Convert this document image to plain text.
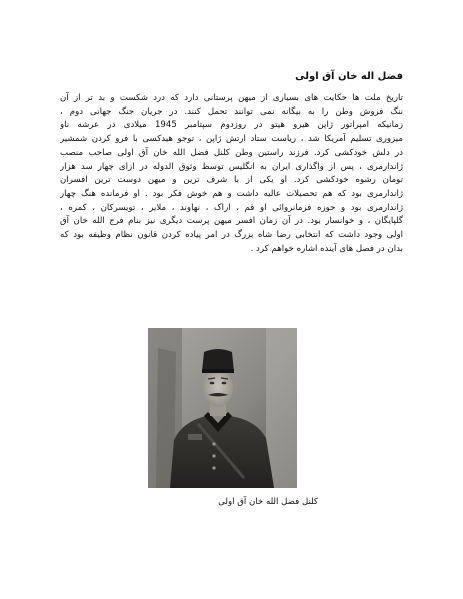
فضل اله خان آق اولی
تاریخ ملت ها حکایت های بسیاری از میهن پرستانی دارد که درد شکست و بد تر از آن
ننگ فروش وطن را به بیگانه نمی توانند تحمل کنند. در جریان جنگ جهانی دوم ،
زمانیکه امپراتور ژاپن هیرو هیتو در روزدوم سپتامبر 1945 میلادی در عرشه ناو
میزوری تسلیم آمریکا شد ، ریاست ستاد ارتش ژاپن ، توجو هیدکسی با فرو کردن شمشیر
در دلش خودکشی کرد. فرزند راستین وطن کلنل فضل الله خان آق اولی صاحب منصب
ژاندارمری ، پس از واگذاری ایران به انگلیس توسط وثوق الدوله در ازای چهار سد هزار
تومان رشوه خودکشی کرد. او یکی از با شرف ترین و میهن دوست ترین افسران
ژاندارمری بود که هم تحصیلات عالیه داشت و هم خوش فکر بود . او فرمانده هنگ چهار
ژاندارمری بود و حوزه فرمانروائی او قم ، اراک ، نهاوند ، ملایر ، تویسرکان ، کمره ،
گلپایگان ، و خوانسار بود. در آن زمان افسر میهن پرست دیگری نیز بنام فرج الله خان آق
اولی وجود داشت که انتخابی رضا شاه بزرگ در امر پیاده کردن قانون نظام وظیفه بود که
بدان در فصل های آینده اشاره خواهم کرد .
کلنل فضل الله خان آق اولی
